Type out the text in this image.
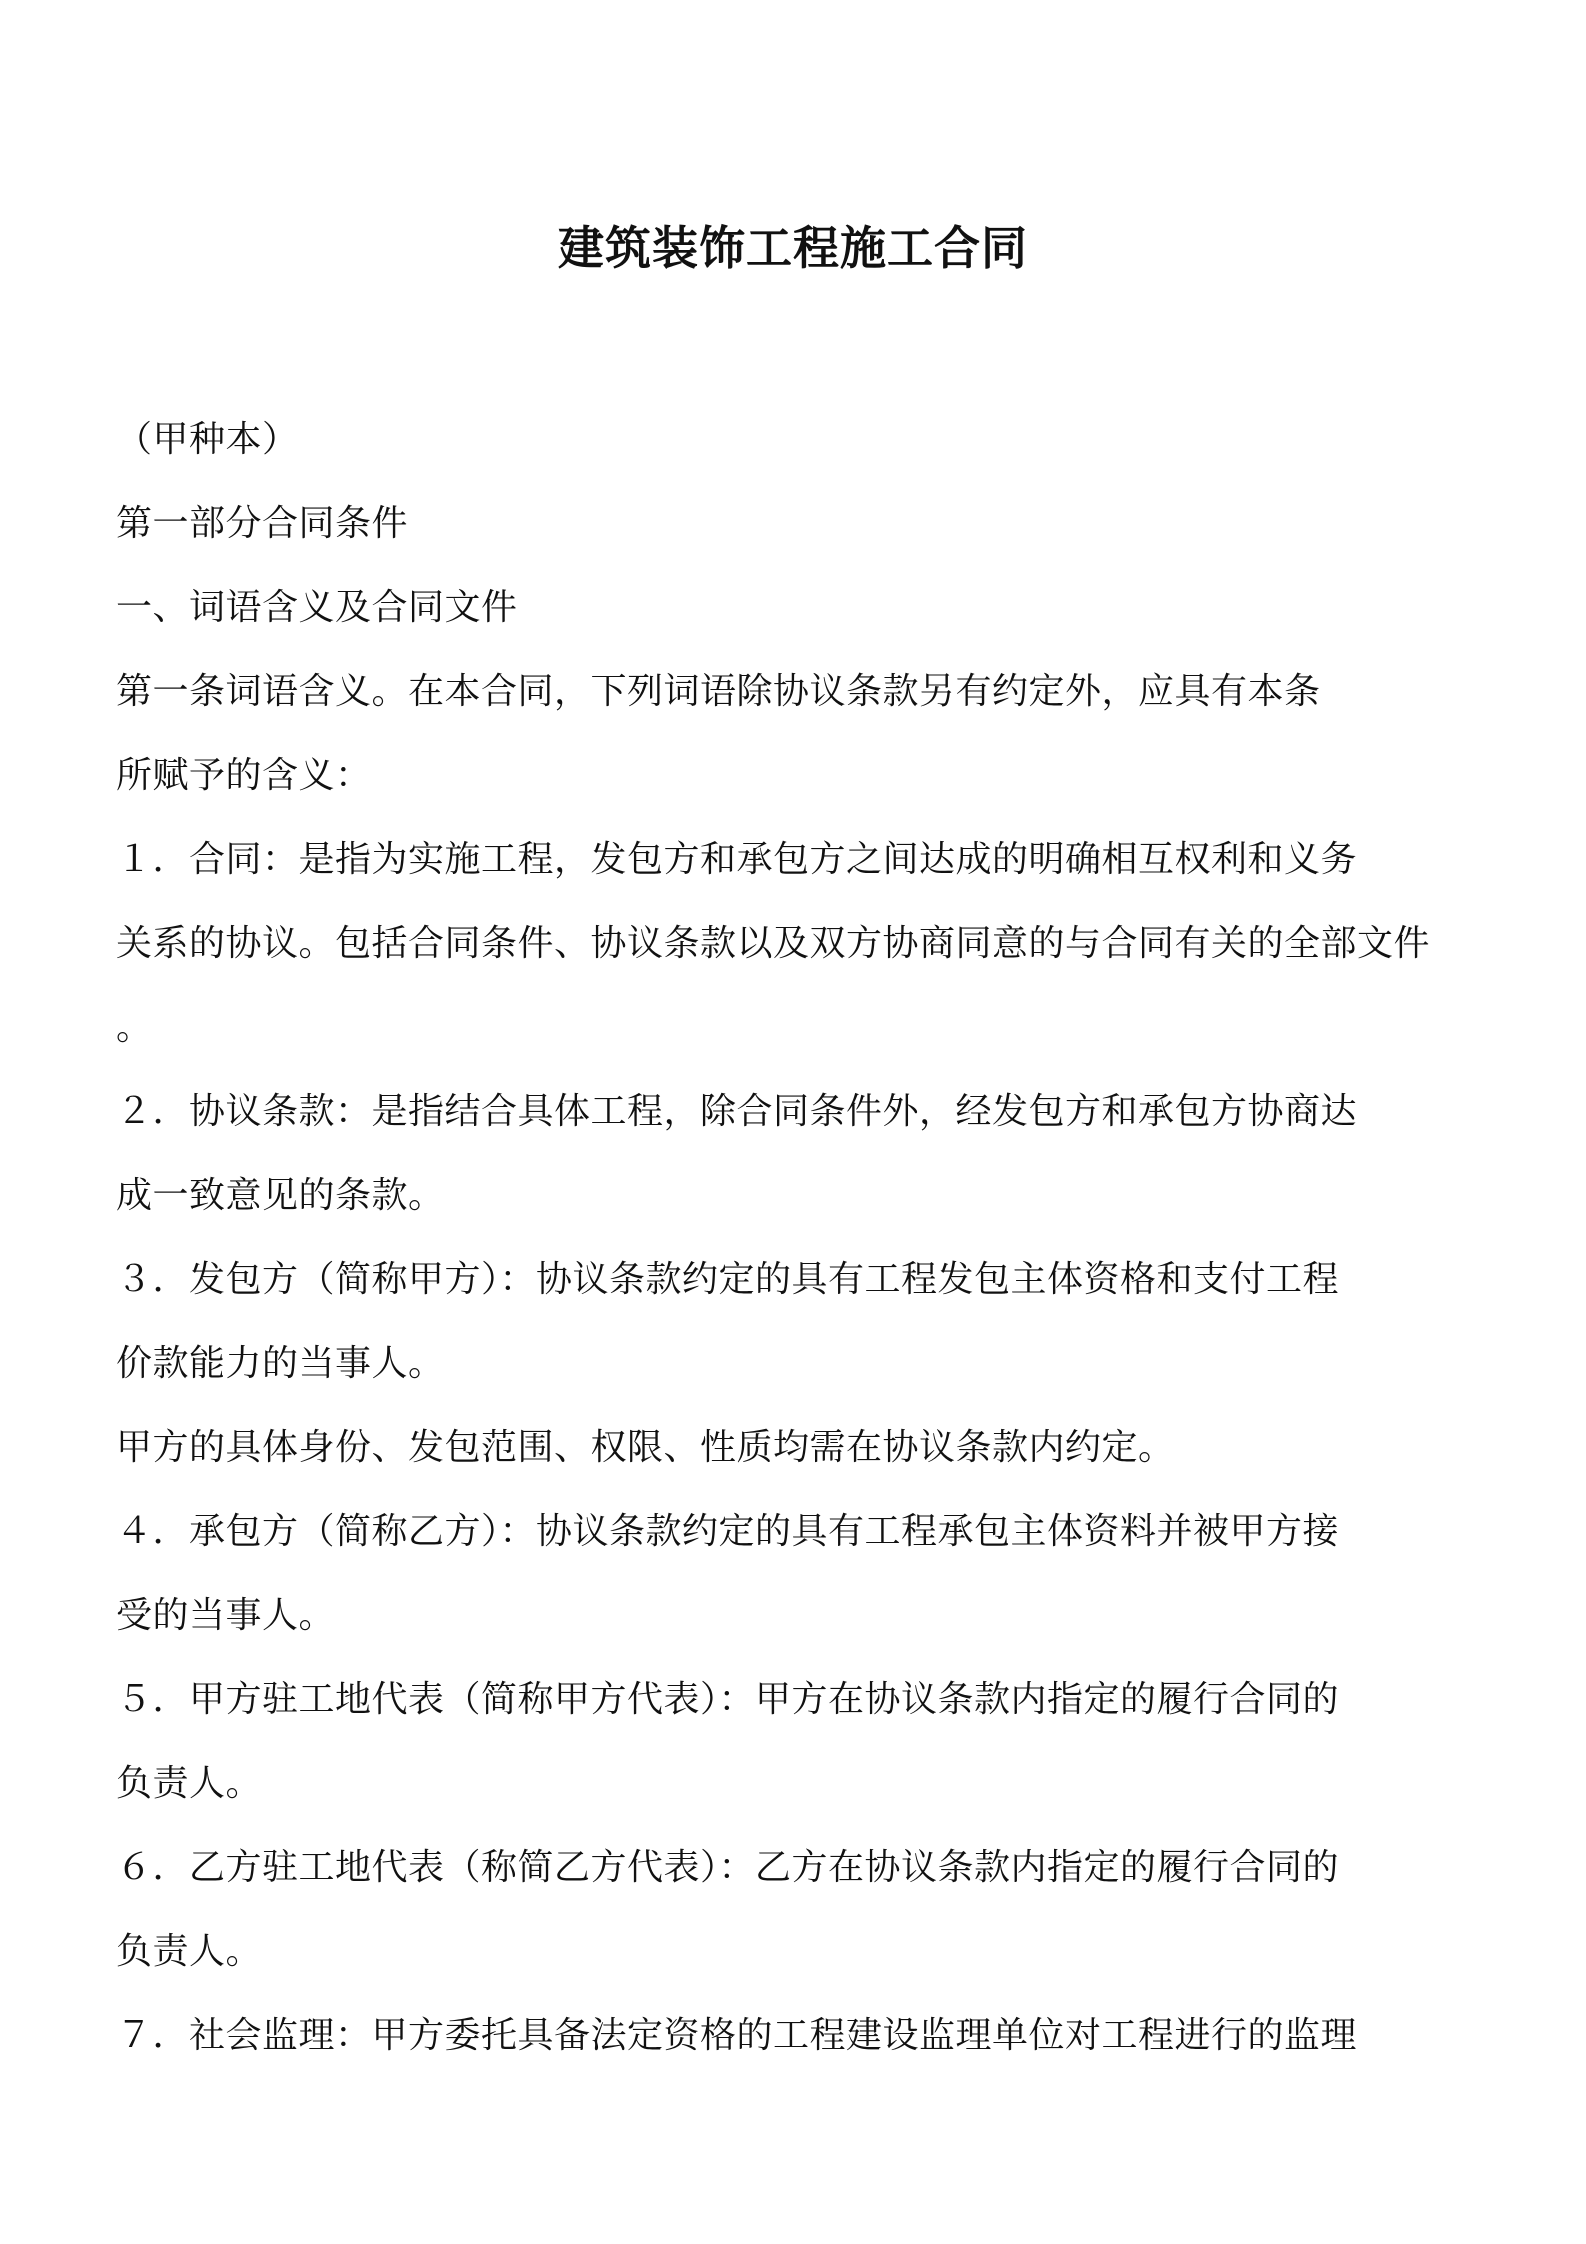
建筑装饰工程施工合同
（甲种本）
第一部分合同条件
一、词语含义及合同文件
第一条词语含义。在本合同，下列词语除协议条款另有约定外，应具有本条
所赋予的含义：
１．合同：是指为实施工程，发包方和承包方之间达成的明确相互权利和义务
关系的协议。包括合同条件、协议条款以及双方协商同意的与合同有关的全部文件
。
２．协议条款：是指结合具体工程，除合同条件外，经发包方和承包方协商达
成一致意见的条款。
３．发包方（简称甲方）：协议条款约定的具有工程发包主体资格和支付工程
价款能力的当事人。
甲方的具体身份、发包范围、权限、性质均需在协议条款内约定。
４．承包方（简称乙方）：协议条款约定的具有工程承包主体资料并被甲方接
受的当事人。
５．甲方驻工地代表（简称甲方代表）：甲方在协议条款内指定的履行合同的
负责人。
６．乙方驻工地代表（称简乙方代表）：乙方在协议条款内指定的履行合同的
负责人。
７．社会监理：甲方委托具备法定资格的工程建设监理单位对工程进行的监理
